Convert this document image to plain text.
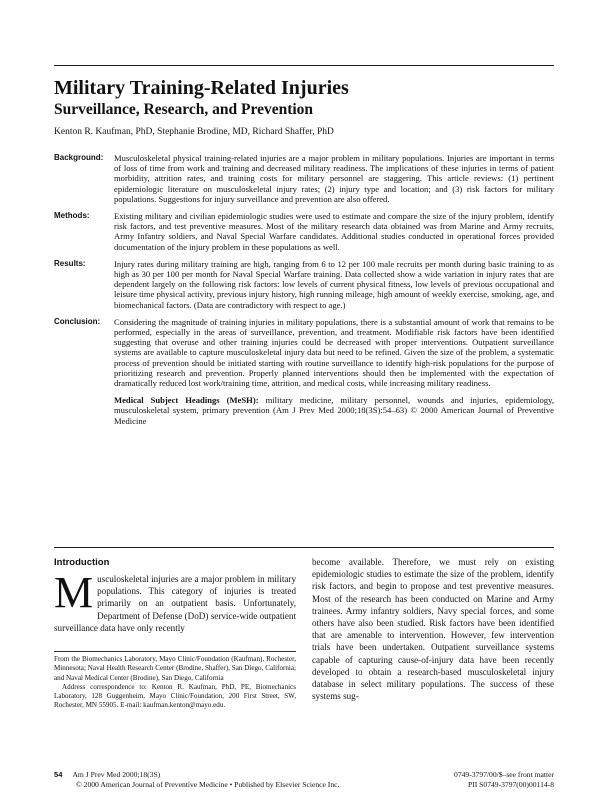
Military Training-Related Injuries
Surveillance, Research, and Prevention
Kenton R. Kaufman, PhD, Stephanie Brodine, MD, Richard Shaffer, PhD
Background:	Musculoskeletal physical training-related injuries are a major problem in military populations. Injuries are important in terms of loss of time from work and training and decreased military readiness. The implications of these injuries in terms of patient morbidity, attrition rates, and training costs for military personnel are staggering. This article reviews: (1) pertinent epidemiologic literature on musculoskeletal injury rates; (2) injury type and location; and (3) risk factors for military populations. Suggestions for injury surveillance and prevention are also offered.
Methods:	Existing military and civilian epidemiologic studies were used to estimate and compare the size of the injury problem, identify risk factors, and test preventive measures. Most of the military research data obtained was from Marine and Army recruits, Army Infantry soldiers, and Naval Special Warfare candidates. Additional studies conducted in operational forces provided documentation of the injury problem in these populations as well.
Results:	Injury rates during military training are high, ranging from 6 to 12 per 100 male recruits per month during basic training to as high as 30 per 100 per month for Naval Special Warfare training. Data collected show a wide variation in injury rates that are dependent largely on the following risk factors: low levels of current physical fitness, low levels of previous occupational and leisure time physical activity, previous injury history, high running mileage, high amount of weekly exercise, smoking, age, and biomechanical factors. (Data are contradictory with respect to age.)
Conclusion:	Considering the magnitude of training injuries in military populations, there is a substantial amount of work that remains to be performed, especially in the areas of surveillance, prevention, and treatment. Modifiable risk factors have been identified suggesting that overuse and other training injuries could be decreased with proper interventions. Outpatient surveillance systems are available to capture musculoskeletal injury data but need to be refined. Given the size of the problem, a systematic process of prevention should be initiated starting with routine surveillance to identify high-risk populations for the purpose of prioritizing research and prevention. Properly planned interventions should then be implemented with the expectation of dramatically reduced lost work/training time, attrition, and medical costs, while increasing military readiness.
Medical Subject Headings (MeSH): military medicine, military personnel, wounds and injuries, epidemiology, musculoskeletal system, primary prevention (Am J Prev Med 2000;18(3S):54–63) © 2000 American Journal of Preventive Medicine
Introduction

Musculoskeletal injuries are a major problem in military populations. This category of injuries is treated primarily on an outpatient basis. Unfortunately, Department of Defense (DoD) service-wide outpatient surveillance data have only recently

become available. Therefore, we must rely on existing epidemiologic studies to estimate the size of the problem, identify risk factors, and begin to propose and test preventive measures. Most of the research has been conducted on Marine and Army trainees. Army infantry soldiers, Navy special forces, and some others have also been studied. Risk factors have been identified that are amenable to intervention. However, few intervention trials have been undertaken. Outpatient surveillance systems capable of capturing cause-of-injury data have been recently developed to obtain a research-based musculoskeletal injury database in select military populations. The success of these systems sug-

From the Biomechanics Laboratory, Mayo Clinic/Foundation (Kaufman), Rochester, Minnesota; Naval Health Research Center (Brodine, Shaffer), San Diego, California; and Naval Medical Center (Brodine), San Diego, California

Address correspondence to: Kenton R. Kaufman, PhD, PE, Biomechanics Laboratory, 128 Guggenheim, Mayo Clinic/Foundation, 200 First Street, SW, Rochester, MN 55905. E-mail: kaufman.kenton@mayo.edu.

54 Am J Prev Med 2000;18(3S)	0749-3797/00/$–see front matter
© 2000 American Journal of Preventive Medicine • Published by Elsevier Science Inc.	PII S0749-3797(00)00114-8
